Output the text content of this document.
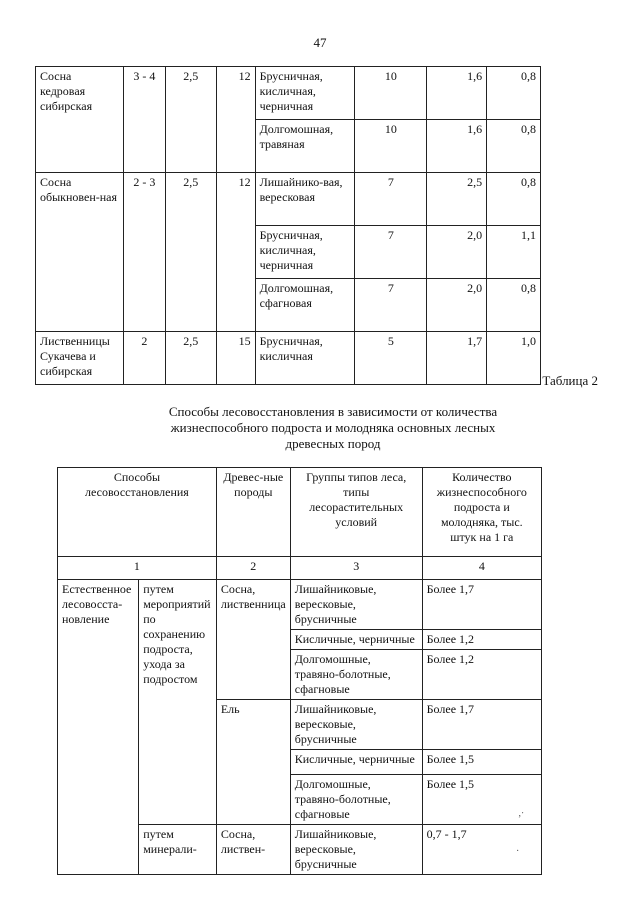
47
Сосна кедровая сибирская	3 - 4	2,5	12	Брусничная, кисличная, черничная	10	1,6	0,8
				Долгомошная, травяная	10	1,6	0,8
Сосна обыкновен-ная	2 - 3	2,5	12	Лишайнико-вая, вересковая	7	2,5	0,8
				Брусничная, кисличная, черничная	7	2,0	1,1
				Долгомошная, сфагновая	7	2,0	0,8
Лиственницы Сукачева и сибирская	2	2,5	15	Брусничная, кисличная	5	1,7	1,0
Таблица 2
Способы лесовосстановления в зависимости от количества жизнеспособного подроста и молодняка основных лесных древесных пород
Способы лесовосстановления		Древес-ные породы	Группы типов леса, типы лесорастительных условий	Количество жизнеспособного подроста и молодняка, тыс. штук на 1 га
1		2	3	4
Естественное лесовосста-новление	путем мероприятий по сохранению подроста, ухода за подростом	Сосна, лиственница	Лишайниковые, вересковые, брусничные	Более 1,7
			Кисличные, черничные	Более 1,2
			Долгомошные, травяно-болотные, сфагновые	Более 1,2
		Ель	Лишайниковые, вересковые, брусничные	Более 1,7
			Кисличные, черничные	Более 1,5
			Долгомошные, травяно-болотные, сфагновые	Более 1,5
	путем минерали-	Сосна, листвен-	Лишайниковые, вересковые, брусничные	0,7 - 1,7
‚∙
·
